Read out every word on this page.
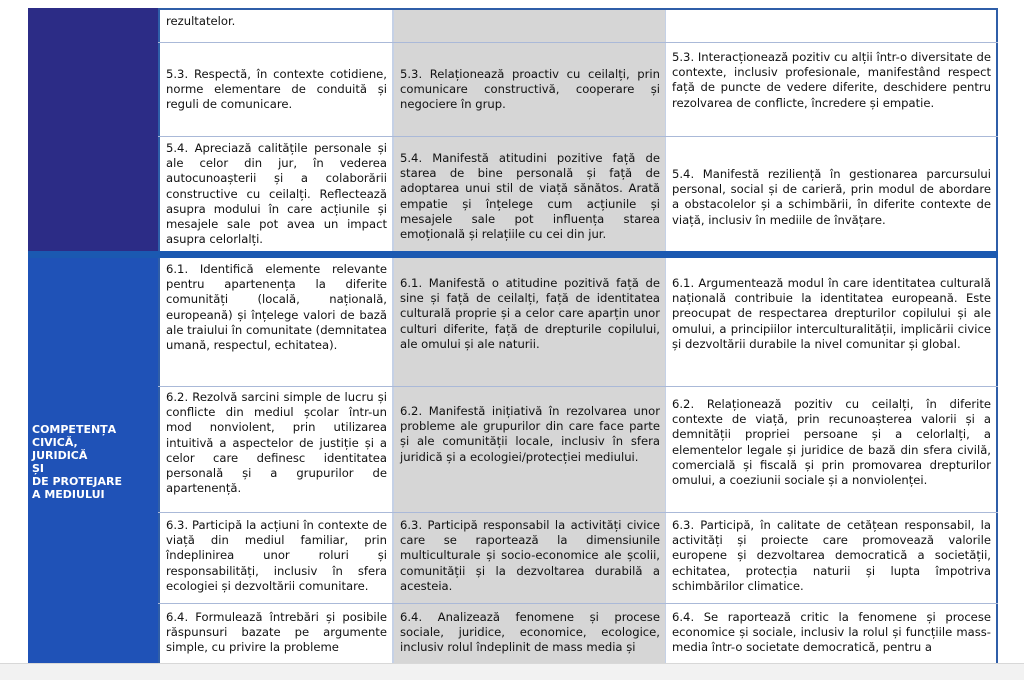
COMPETENȚA
CIVICĂ,
JURIDICĂ
ȘI
DE PROTEJARE
A MEDIULUI
rezultatelor.
5.3. Respectă, în contexte cotidiene, norme elementare de conduită și reguli de comunicare.
5.3. Relaționează proactiv cu ceilalți, prin comunicare constructivă, cooperare și negociere în grup.
5.3. Interacționează pozitiv cu alții într-o diversitate de contexte, inclusiv profesionale, manifestând respect față de puncte de vedere diferite, deschidere pentru rezolvarea de conflicte, încredere și empatie.
5.4. Apreciază calitățile personale și ale celor din jur, în vederea autocunoașterii și a colaborării constructive cu ceilalți. Reflectează asupra modului în care acțiunile și mesajele sale pot avea un impact asupra celorlalți.
5.4. Manifestă atitudini pozitive față de starea de bine personală și față de adoptarea unui stil de viață sănătos. Arată empatie și înțelege cum acțiunile și mesajele sale pot influența starea emoțională și relațiile cu cei din jur.
5.4. Manifestă reziliență în gestionarea parcursului personal, social și de carieră, prin modul de abordare a obstacolelor și a schimbării, în diferite contexte de viață, inclusiv în mediile de învățare.
6.1. Identifică elemente relevante pentru apartenența la diferite comunități (locală, națională, europeană) și înțelege valori de bază ale traiului în comunitate (demnitatea umană, respectul, echitatea).
6.1. Manifestă o atitudine pozitivă față de sine și față de ceilalți, față de identitatea culturală proprie și a celor care aparțin unor culturi diferite, față de drepturile copilului, ale omului și ale naturii.
6.1. Argumentează modul în care identitatea culturală națională contribuie la identitatea europeană. Este preocupat de respectarea drepturilor copilului și ale omului, a principiilor interculturalității, implicării civice și dezvoltării durabile la nivel comunitar și global.
6.2. Rezolvă sarcini simple de lucru și conflicte din mediul școlar într-un mod nonviolent, prin utilizarea intuitivă a aspectelor de justiție și a celor care definesc identitatea personală și a grupurilor de apartenență.
6.2. Manifestă inițiativă în rezolvarea unor probleme ale grupurilor din care face parte și ale comunității locale, inclusiv în sfera juridică și a ecologiei/protecției mediului.
6.2. Relaționează pozitiv cu ceilalți, în diferite contexte de viață, prin recunoașterea valorii și a demnității propriei persoane și a celorlalți, a elementelor legale și juridice de bază din sfera civilă, comercială și fiscală și prin promovarea drepturilor omului, a coeziunii sociale și a nonviolenței.
6.3. Participă la acțiuni în contexte de viață din mediul familiar, prin îndeplinirea unor roluri și responsabilități, inclusiv în sfera ecologiei și dezvoltării comunitare.
6.3. Participă responsabil la activități civice care se raportează la dimensiunile multiculturale și socio-economice ale școlii, comunității și la dezvoltarea durabilă a acesteia.
6.3. Participă, în calitate de cetățean responsabil, la activități și proiecte care promovează valorile europene și dezvoltarea democratică a societății, echitatea, protecția naturii și lupta împotriva schimbărilor climatice.
6.4. Formulează întrebări și posibile răspunsuri bazate pe argumente simple, cu privire la probleme
6.4. Analizează fenomene și procese sociale, juridice, economice, ecologice, inclusiv rolul îndeplinit de mass media și
6.4. Se raportează critic la fenomene și procese economice și sociale, inclusiv la rolul și funcțiile mass-media într-o societate democratică, pentru a
